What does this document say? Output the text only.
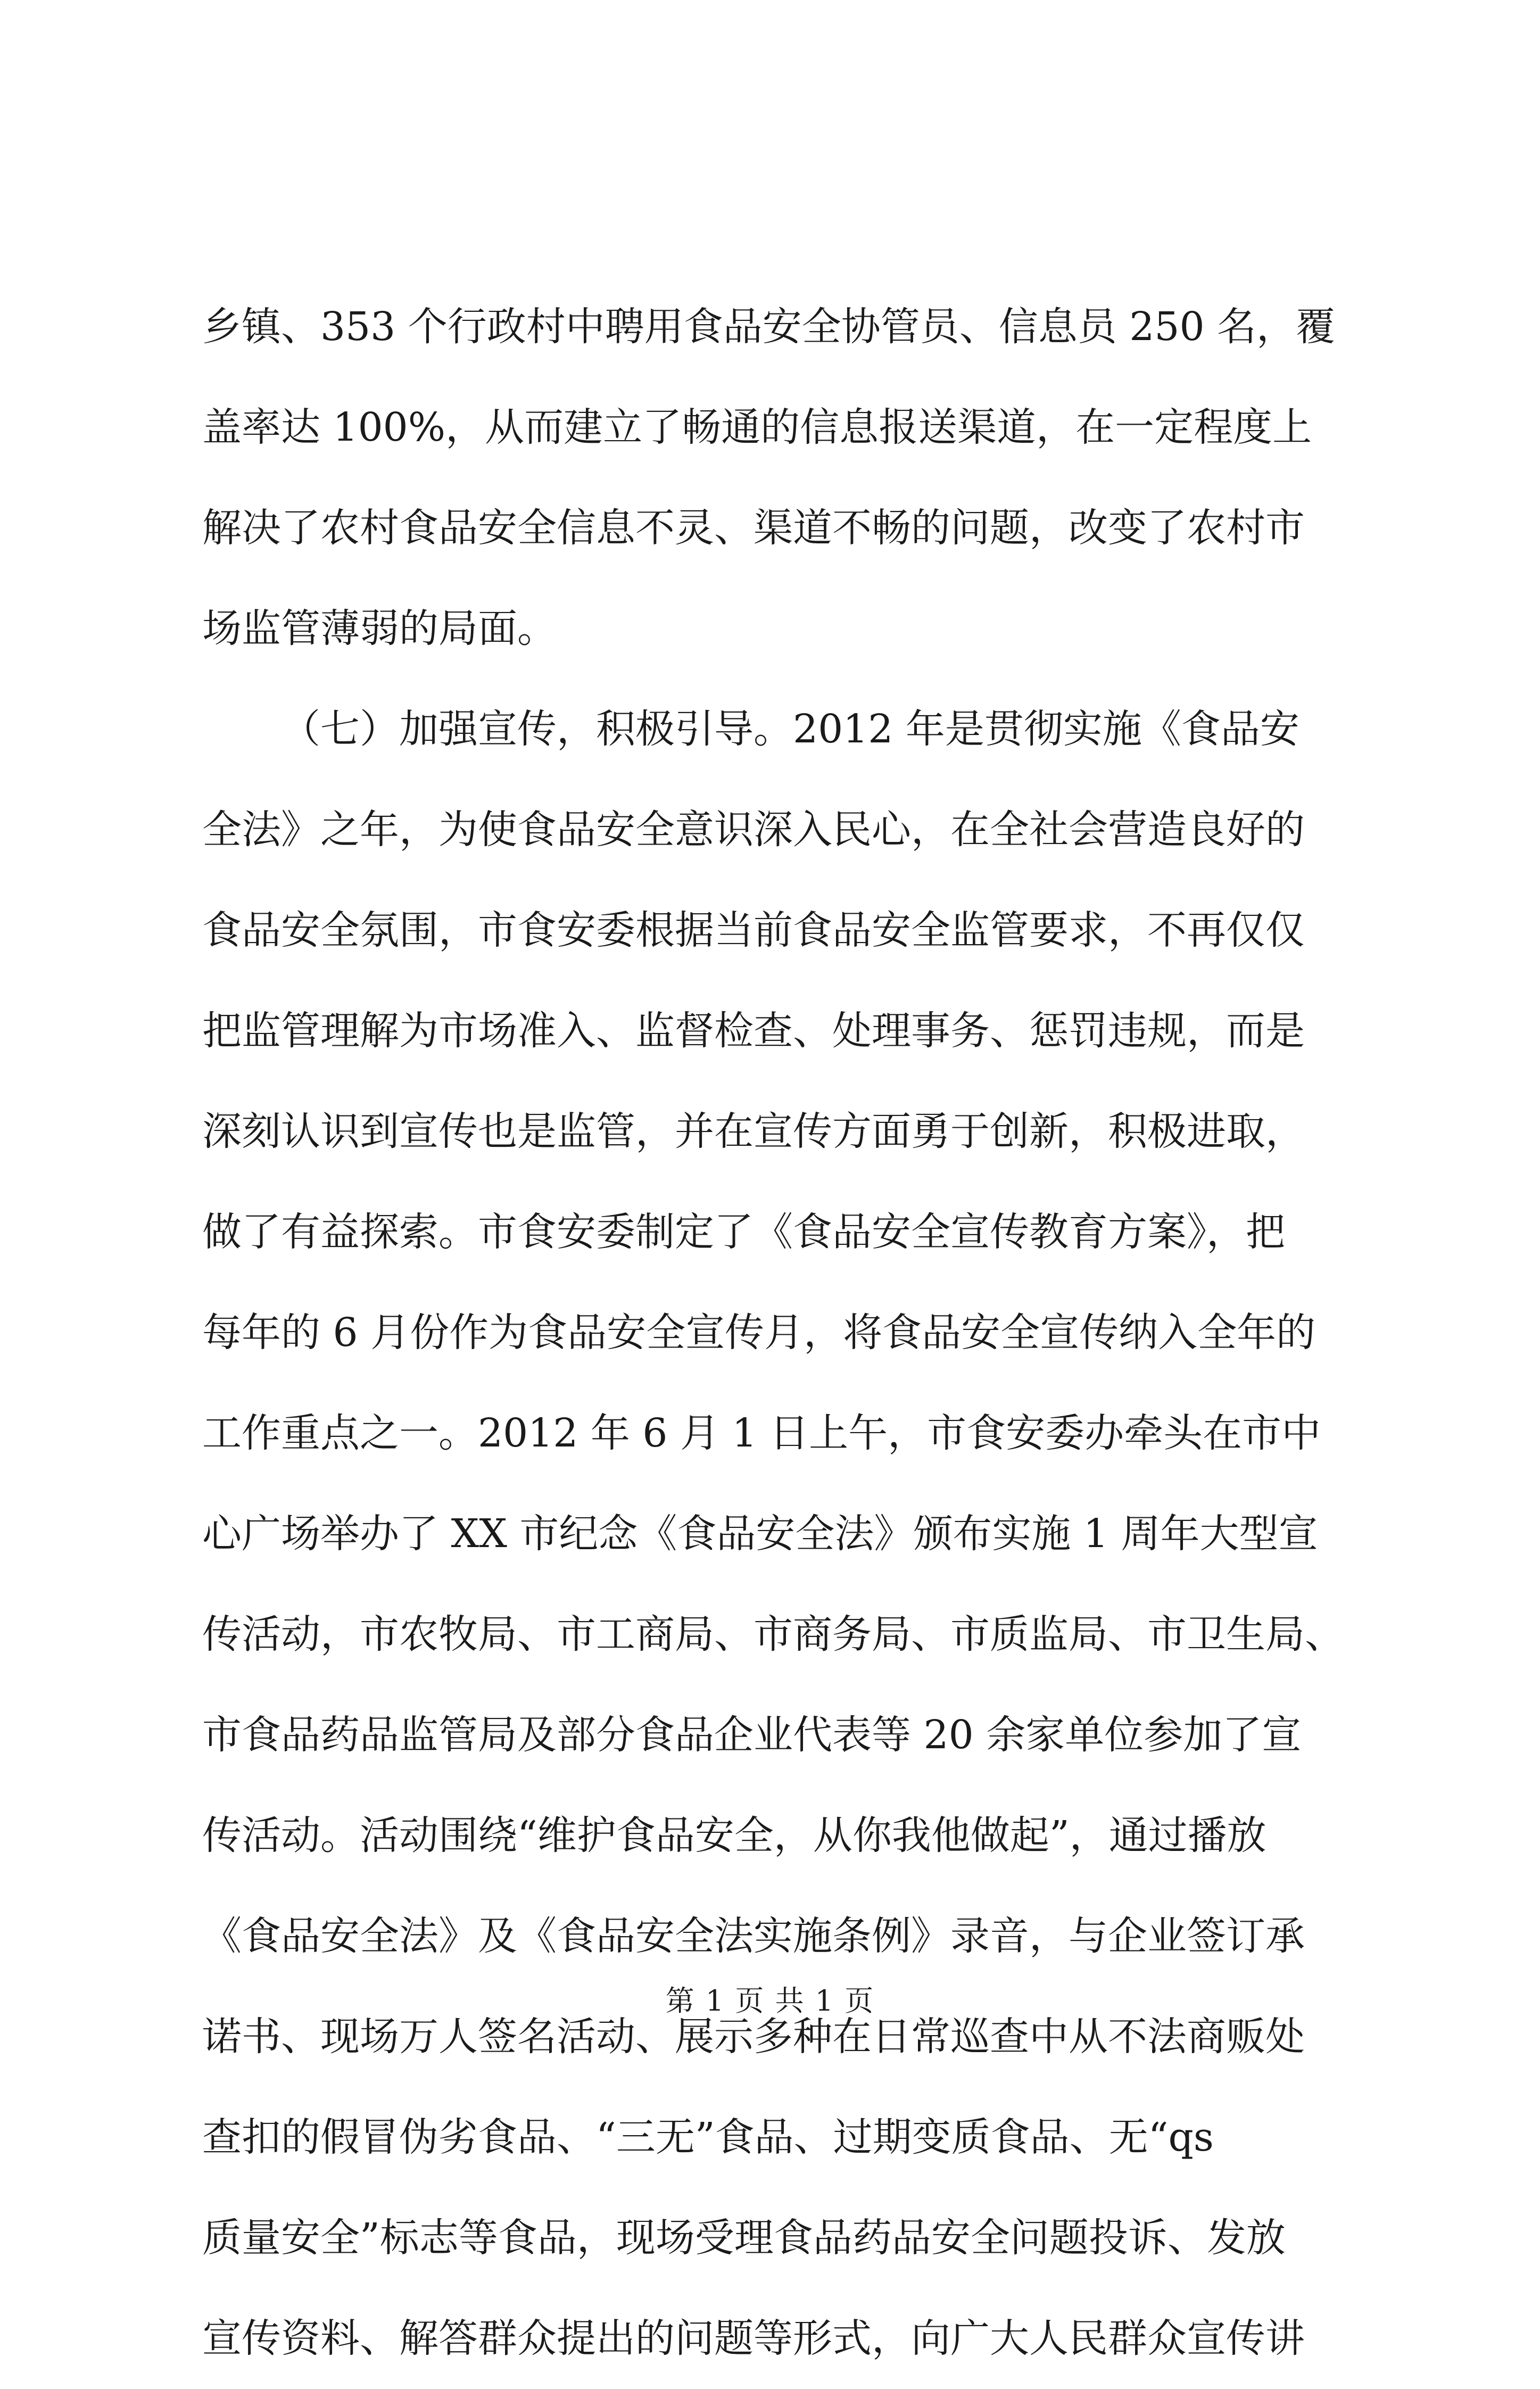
乡镇、353 个行政村中聘用食品安全协管员、信息员 250 名，覆
盖率达 100%，从而建立了畅通的信息报送渠道，在一定程度上
解决了农村食品安全信息不灵、渠道不畅的问题，改变了农村市
场监管薄弱的局面。
（七）加强宣传，积极引导。2012 年是贯彻实施《食品安
全法》之年，为使食品安全意识深入民心，在全社会营造良好的
食品安全氛围，市食安委根据当前食品安全监管要求，不再仅仅
把监管理解为市场准入、监督检查、处理事务、惩罚违规，而是
深刻认识到宣传也是监管，并在宣传方面勇于创新，积极进取，
做了有益探索。市食安委制定了《食品安全宣传教育方案》，把
每年的 6 月份作为食品安全宣传月，将食品安全宣传纳入全年的
工作重点之一。2012 年 6 月 1 日上午，市食安委办牵头在市中
心广场举办了 XX 市纪念《食品安全法》颁布实施 1 周年大型宣
传活动，市农牧局、市工商局、市商务局、市质监局、市卫生局、
市食品药品监管局及部分食品企业代表等 20 余家单位参加了宣
传活动。活动围绕“维护食品安全，从你我他做起”，通过播放
《食品安全法》及《食品安全法实施条例》录音，与企业签订承
诺书、现场万人签名活动、展示多种在日常巡查中从不法商贩处
查扣的假冒伪劣食品、“三无”食品、过期变质食品、无“qs
质量安全”标志等食品，现场受理食品药品安全问题投诉、发放
宣传资料、解答群众提出的问题等形式，向广大人民群众宣传讲
第 1 页 共 1 页
